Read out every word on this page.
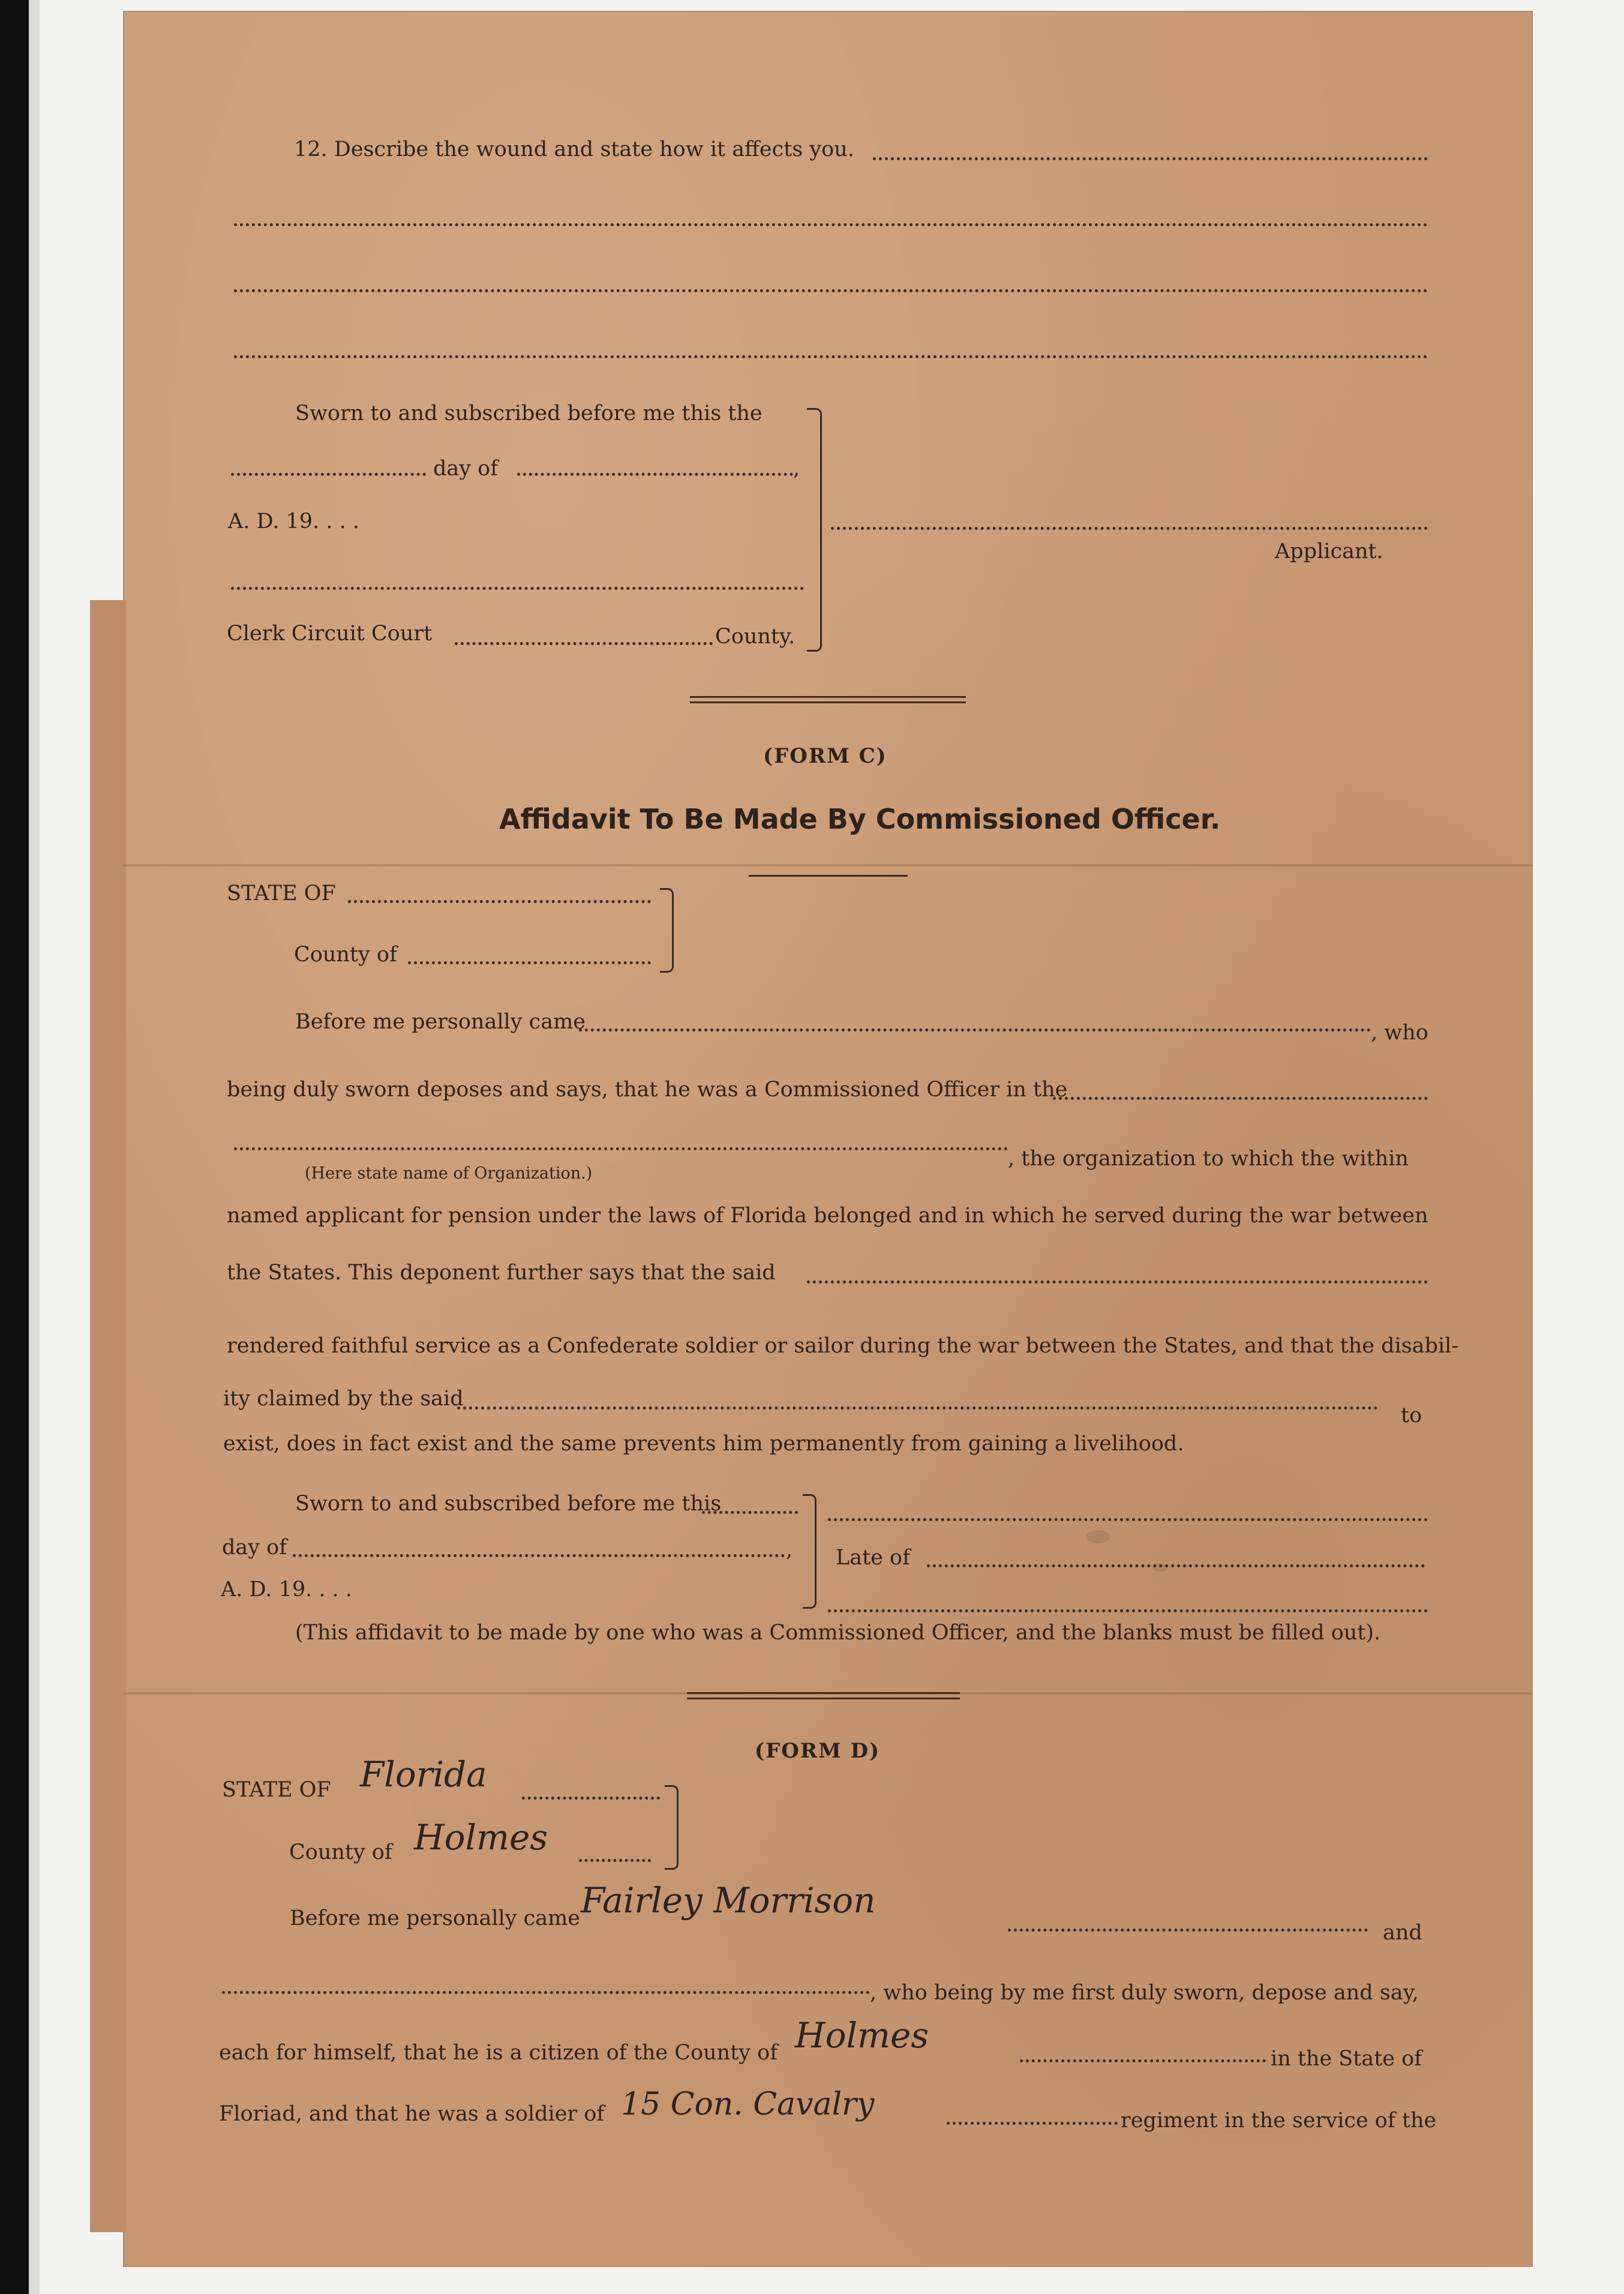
12. Describe the wound and state how it affects you.
Sworn to and subscribed before me this the
day of	,
A. D. 19. . . .
Clerk Circuit Court	County.
Applicant.
(FORM C)
Affidavit To Be Made By Commissioned Officer.
STATE OF
County of
Before me personally came	, who
being duly sworn deposes and says, that he was a Commissioned Officer in the
(Here state name of Organization.)
, the organization to which the within
named applicant for pension under the laws of Florida belonged and in which he served during the war between
the States. This deponent further says that the said
rendered faithful service as a Confederate soldier or sailor during the war between the States, and that the disabil-
ity claimed by the said
to
exist, does in fact exist and the same prevents him permanently from gaining a livelihood.
Sworn to and subscribed before me this
day of	,
A. D. 19. . . .
Late of
(This affidavit to be made by one who was a Commissioned Officer, and the blanks must be filled out).
(FORM D)
STATE OF Florida
County of Holmes
Before me personally came Fairley Morrison
and
, who being by me first duly sworn, depose and say,
each for himself, that he is a citizen of the County of Holmes
in the State of
Floriad, and that he was a soldier of 15 Con. Cavalry	regiment in the service of the
